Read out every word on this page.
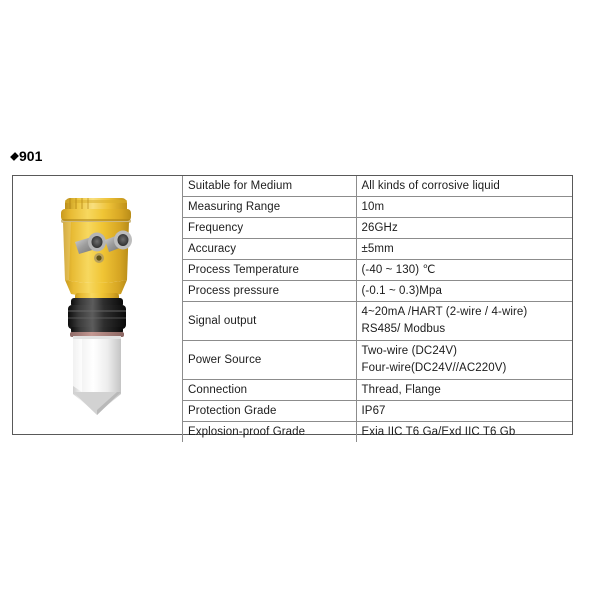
901
Suitable for Medium	All kinds of corrosive liquid

Measuring Range	10m

Frequency	26GHz

Accuracy	±5mm

Process Temperature	(-40 ~ 130) ℃

Process pressure	(-0.1 ~ 0.3)Mpa

Signal output	4~20mA /HART (2-wire / 4-wire)
RS485/ Modbus

Power Source	Two-wire (DC24V)
Four-wire(DC24V//AC220V)

Connection	Thread, Flange

Protection Grade	IP67

Explosion-proof Grade	Exia IIC T6 Ga/Exd IIC T6 Gb
